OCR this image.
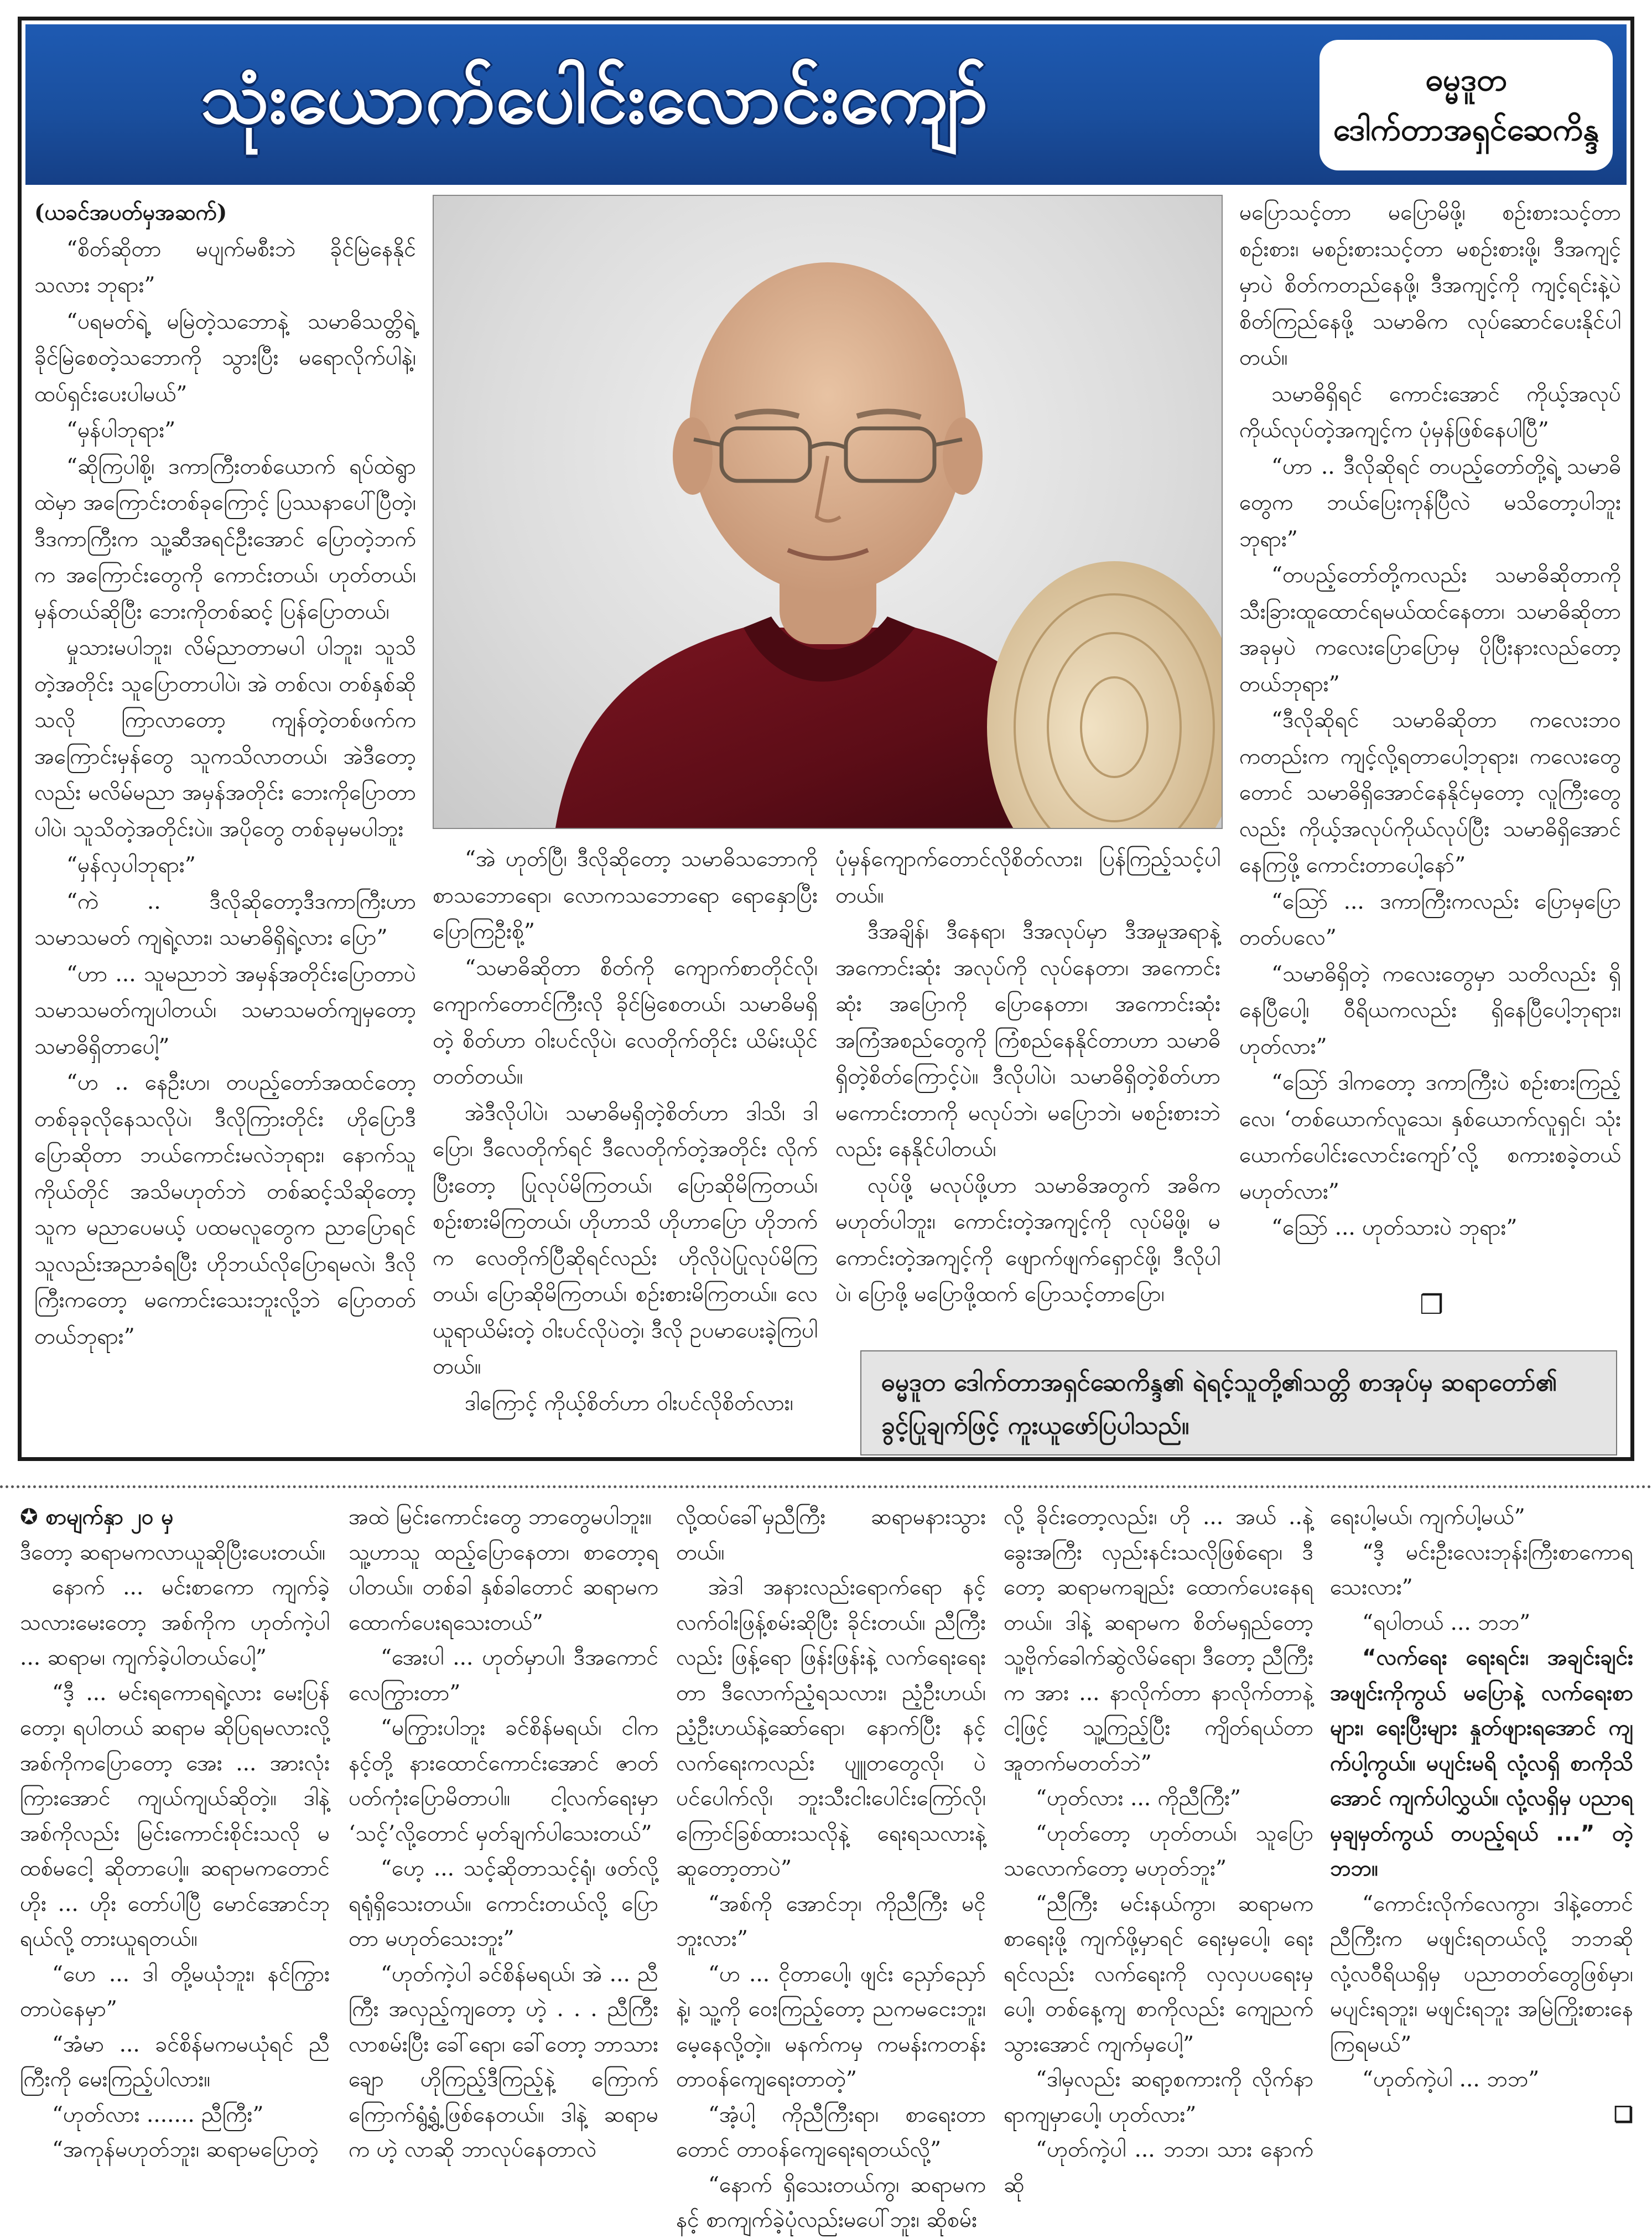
သုံးယောက်ပေါင်းလောင်းကျော်	ဓမ္မဒူတ
ဒေါက်တာအရှင်ဆေကိန္ဒ

(ယခင်အပတ်မှအဆက်)

“စိတ်ဆိုတာ မပျက်မစီးဘဲ ခိုင်မြဲနေနိုင်သလား ဘုရား”

“ပရမတ်ရဲ့ မမြဲတဲ့သဘောနဲ့ သမာဓိသတ္တိရဲ့ ခိုင်မြဲစေတဲ့သဘောကို သွားပြီး မရောလိုက်ပါနဲ့၊ ထပ်ရှင်းပေးပါမယ်”

“မှန်ပါဘုရား”

“ဆိုကြပါစို့၊ ဒကာကြီးတစ်ယောက် ရပ်ထဲရွာထဲမှာ အကြောင်းတစ်ခုကြောင့် ပြဿနာပေါ်ပြီတဲ့၊ ဒီဒကာကြီးက သူ့ဆီအရင်ဦးအောင် ပြောတဲ့ဘက်က အကြောင်းတွေကို ကောင်းတယ်၊ ဟုတ်တယ်၊ မှန်တယ်ဆိုပြီး ဘေးကိုတစ်ဆင့် ပြန်ပြောတယ်၊

မှုသားမပါဘူး၊ လိမ်ညာတာမပါ ပါဘူး၊ သူသိတဲ့အတိုင်း သူပြောတာပါပဲ၊ အဲ တစ်လ၊ တစ်နှစ်ဆိုသလို ကြာလာတော့ ကျန်တဲ့တစ်ဖက်က အကြောင်းမှန်တွေ သူကသိလာတယ်၊ အဲဒီတော့လည်း မလိမ်မညာ အမှန်အတိုင်း ဘေးကိုပြောတာပါပဲ၊ သူသိတဲ့အတိုင်းပဲ။ အပိုတွေ တစ်ခုမှမပါဘူး

“မှန်လှပါဘုရား”

“ကဲ .. ဒီလိုဆိုတော့ဒီဒကာကြီးဟာ သမာသမတ် ကျရဲ့လား၊ သမာဓိရှိရဲ့လား ပြော”

“ဟာ ... သူမညာဘဲ အမှန်အတိုင်းပြောတာပဲ သမာသမတ်ကျပါတယ်၊ သမာသမတ်ကျမှတော့ သမာဓိရှိတာပေါ့”

“ဟ .. နေဦးဟ၊ တပည့်တော်အထင်တော့ တစ်ခုခုလိုနေသလိုပဲ၊ ဒီလိုကြားတိုင်း ဟိုပြောဒီပြောဆိုတာ ဘယ်ကောင်းမလဲဘုရား၊ နောက်သူကိုယ်တိုင် အသိမဟုတ်ဘဲ တစ်ဆင့်သိဆိုတော့ သူက မညာပေမယ့် ပထမလူတွေက ညာပြောရင် သူလည်းအညာခံရပြီး ဟိုဘယ်လိုပြောရမလဲ၊ ဒီလိုကြီးကတော့ မကောင်းသေးဘူးလို့ဘဲ ပြောတတ်တယ်ဘုရား”

“အဲ ဟုတ်ပြီ၊ ဒီလိုဆိုတော့ သမာဓိသဘောကို စာသဘောရော၊ လောကသဘောရော ရောနှောပြီး ပြောကြဦးစို့”

“သမာဓိဆိုတာ စိတ်ကို ကျောက်စာတိုင်လို၊ ကျောက်တောင်ကြီးလို ခိုင်မြဲစေတယ်၊ သမာဓိမရှိတဲ့ စိတ်ဟာ ဝါးပင်လိုပဲ၊ လေတိုက်တိုင်း ယိမ်းယိုင်တတ်တယ်။

အဲဒီလိုပါပဲ၊ သမာဓိမရှိတဲ့စိတ်ဟာ ဒါသိ၊ ဒါပြော၊ ဒီလေတိုက်ရင် ဒီလေတိုက်တဲ့အတိုင်း လိုက်ပြီးတော့ ပြုလုပ်မိကြတယ်၊ ပြောဆိုမိကြတယ်၊ စဉ်းစားမိကြတယ်၊ ဟိုဟာသိ ဟိုဟာပြော ဟိုဘက်က လေတိုက်ပြီဆိုရင်လည်း ဟိုလိုပဲပြုလုပ်မိကြတယ်၊ ပြောဆိုမိကြတယ်၊ စဉ်းစားမိကြတယ်။ လေယူရာယိမ်းတဲ့ ဝါးပင်လိုပဲတဲ့၊ ဒီလို ဥပမာပေးခဲ့ကြပါတယ်။

ဒါကြောင့် ကိုယ့်စိတ်ဟာ ဝါးပင်လိုစိတ်လား၊

ပုံမှန်ကျောက်တောင်လိုစိတ်လား၊ ပြန်ကြည့်သင့်ပါတယ်။

ဒီအချိန်၊ ဒီနေရာ၊ ဒီအလုပ်မှာ ဒီအမှုအရာနဲ့ အကောင်းဆုံး အလုပ်ကို လုပ်နေတာ၊ အကောင်းဆုံး အပြောကို ပြောနေတာ၊ အကောင်းဆုံး အကြံအစည်တွေကို ကြံစည်နေနိုင်တာဟာ သမာဓိရှိတဲ့စိတ်ကြောင့်ပဲ။ ဒီလိုပါပဲ၊ သမာဓိရှိတဲ့စိတ်ဟာ မကောင်းတာကို မလုပ်ဘဲ၊ မပြောဘဲ၊ မစဉ်းစားဘဲလည်း နေနိုင်ပါတယ်၊

လုပ်ဖို့ မလုပ်ဖို့ဟာ သမာဓိအတွက် အဓိကမဟုတ်ပါဘူး၊ ကောင်းတဲ့အကျင့်ကို လုပ်မိဖို့၊ မကောင်းတဲ့အကျင့်ကို ဖျောက်ဖျက်ရှောင်ဖို့၊ ဒီလိုပါပဲ၊ ပြောဖို့ မပြောဖို့ထက် ပြောသင့်တာပြော၊

မပြောသင့်တာ မပြောမိဖို့၊ စဉ်းစားသင့်တာ စဉ်းစား၊ မစဉ်းစားသင့်တာ မစဉ်းစားဖို့၊ ဒီအကျင့်မှာပဲ စိတ်ကတည်နေဖို့၊ ဒီအကျင့်ကို ကျင့်ရင်းနဲ့ပဲ စိတ်ကြည်နေဖို့ သမာဓိက လုပ်ဆောင်ပေးနိုင်ပါတယ်။

သမာဓိရှိရင် ကောင်းအောင် ကိုယ့်အလုပ်ကိုယ်လုပ်တဲ့အကျင့်က ပုံမှန်ဖြစ်နေပါပြီ”

“ဟာ .. ဒီလိုဆိုရင် တပည့်တော်တို့ရဲ့ သမာဓိတွေက ဘယ်ပြေးကုန်ပြီလဲ မသိတော့ပါဘူး ဘုရား”

“တပည့်တော်တို့ကလည်း သမာဓိဆိုတာကို သီးခြားထူထောင်ရမယ်ထင်နေတာ၊ သမာဓိဆိုတာ အခုမှပဲ ကလေးပြောပြောမှ ပိုပြီးနားလည်တော့တယ်ဘုရား”

“ဒီလိုဆိုရင် သမာဓိဆိုတာ ကလေးဘဝကတည်းက ကျင့်လို့ရတာပေါ့ဘုရား၊ ကလေးတွေတောင် သမာဓိရှိအောင်နေနိုင်မှတော့ လူကြီးတွေလည်း ကိုယ့်အလုပ်ကိုယ်လုပ်ပြီး သမာဓိရှိအောင်နေကြဖို့ ကောင်းတာပေါ့နော်”

“သြော် ... ဒကာကြီးကလည်း ပြောမှပြောတတ်ပလေ”

“သမာဓိရှိတဲ့ ကလေးတွေမှာ သတိလည်း ရှိနေပြီပေါ့၊ ဝီရိယကလည်း ရှိနေပြီပေါ့ဘုရား၊ ဟုတ်လား”

“သြော် ဒါကတော့ ဒကာကြီးပဲ စဉ်းစားကြည့်လေ၊ ‘တစ်ယောက်လူသေ၊ နှစ်ယောက်လူရှင်၊ သုံးယောက်ပေါင်းလောင်းကျော်’လို့ စကားစခဲ့တယ် မဟုတ်လား”

“သြော် ... ဟုတ်သားပဲ ဘုရား”

❒
ဓမ္မဒူတ ဒေါက်တာအရှင်ဆေကိန္ဒ၏ ရဲရင့်သူတို့၏သတ္တိ စာအုပ်မှ ဆရာတော်၏ ခွင့်ပြုချက်ဖြင့် ကူးယူဖော်ပြပါသည်။

✪ စာမျက်နှာ ၂၀ မှ

ဒီတော့ ဆရာမကလာယူဆိုပြီးပေးတယ်။

နောက် ... မင်းစာကော ကျက်ခဲ့သလားမေးတော့ အစ်ကိုက ဟုတ်ကဲ့ပါ ... ဆရာမ၊ ကျက်ခဲ့ပါတယ်ပေါ့”

“ဒီ့ ... မင်းရကောရရဲ့လား မေးပြန်တော့၊ ရပါတယ် ဆရာမ ဆိုပြရမလားလို့ အစ်ကိုကပြောတော့ အေး ... အားလုံးကြားအောင် ကျယ်ကျယ်ဆိုတဲ့။ ဒါနဲ့ အစ်ကိုလည်း မြင်းကောင်းစိုင်းသလို မထစ်မငေါ့ ဆိုတာပေါ့။ ဆရာမကတောင် ဟိုး ... ဟိုး တော်ပါပြီ မောင်အောင်ဘုရယ်လို့ တားယူရတယ်။

“ဟေ ... ဒါ တို့မယုံဘူး၊ နင်ကြွားတာပဲနေမှာ”

“အံမာ ... ခင်စိန်မကမယုံရင် ညီကြီးကို မေးကြည့်ပါလား။

“ဟုတ်လား ....... ညီကြီး”

“အကုန်မဟုတ်ဘူး၊ ဆရာမပြောတဲ့

အထဲ မြင်းကောင်းတွေ ဘာတွေမပါဘူး။

သူ့ဟာသူ ထည့်ပြောနေတာ၊ စာတော့ရပါတယ်။ တစ်ခါ နှစ်ခါတောင် ဆရာမကထောက်ပေးရသေးတယ်”

“အေးပါ ... ဟုတ်မှာပါ၊ ဒီအကောင်လေကြွားတာ”

“မကြွားပါဘူး ခင်စိန်မရယ်၊ ငါက နင့်တို့ နားထောင်ကောင်းအောင် ဇာတ်ပတ်ကုံးပြောမိတာပါ။ ငါ့လက်ရေးမှာ ‘သင့်’လို့တောင် မှတ်ချက်ပါသေးတယ်”

“ဟေ့ ... သင့်ဆိုတာသင့်ရုံ၊ ဖတ်လို့ရရုံရှိသေးတယ်။ ကောင်းတယ်လို့ ပြောတာ မဟုတ်သေးဘူး”

“ဟုတ်ကဲ့ပါ ခင်စိန်မရယ်၊ အဲ ... ညီကြီး အလှည့်ကျတော့ ဟဲ့ . . . ညီကြီး လာစမ်းပြီး ခေါ်ရော၊ ခေါ်တော့ ဘာသားချော ဟိုကြည့်ဒီကြည့်နဲ့ ကြောက်ကြောက်ရွံ့ရွံ့ဖြစ်နေတယ်။ ဒါနဲ့ ဆရာမက ဟဲ့ လာဆို ဘာလုပ်နေတာလဲ

လို့ထပ်ခေါ်မှညီကြီး ဆရာမနားသွားတယ်။

အဲဒါ အနားလည်းရောက်ရော နင့်လက်ဝါးဖြန့်စမ်းဆိုပြီး ခိုင်းတယ်။ ညီကြီးလည်း ဖြန့်ရော ဖြန်းဖြန်းနဲ့ လက်ရေးရေးတာ ဒီလောက်ညံ့ရသလား၊ ညံ့ဦးဟယ်၊ ညံ့ဦးဟယ်နဲ့ဆော်ရော၊ နောက်ပြီး နင့်လက်ရေးကလည်း ပျူတတွေလို၊ ပဲပင်ပေါက်လို၊ ဘူးသီးငါးပေါင်းကြော်လို၊ ကြောင်ခြစ်ထားသလိုနဲ့ ရေးရသလားနဲ့ ဆူတော့တာပဲ”

“အစ်ကို အောင်ဘု၊ ကိုညီကြီး မငိုဘူးလား”

“ဟ ... ငိုတာပေါ့၊ ဖျင်း ညှော်ညှော်နဲ့၊ သူ့ကို ဝေးကြည့်တော့ ညကမငေးဘူး၊ မေ့နေလို့တဲ့။ မနက်ကမှ ကမန်းကတန်း တာဝန်ကျေရေးတာတဲ့”

“အံ့ပါ့ ကိုညီကြီးရာ၊ စာရေးတာတောင် တာဝန်ကျေရေးရတယ်လို့”

“နောက် ရှိသေးတယ်ကွ၊ ဆရာမက နင့် စာကျက်ခဲ့ပုံလည်းမပေါ်ဘူး၊ ဆိုစမ်း

လို့ ခိုင်းတော့လည်း၊ ဟို ... အယ် ..နဲ့ ခွေးအကြီး လှည်းနင်းသလိုဖြစ်ရော၊ ဒီတော့ ဆရာမကချည်း ထောက်ပေးနေရတယ်။ ဒါနဲ့ ဆရာမက စိတ်မရှည်တော့ သူ့ဗိုက်ခေါက်ဆွဲလိမ်ရော၊ ဒီတော့ ညီကြီးက အား ... နာလိုက်တာ နာလိုက်တာနဲ့ ငါ့ဖြင့် သူ့ကြည့်ပြီး ကျိတ်ရယ်တာ အူတက်မတတ်ဘဲ”

“ဟုတ်လား ... ကိုညီကြီး”

“ဟုတ်တော့ ဟုတ်တယ်၊ သူပြောသလောက်တော့ မဟုတ်ဘူး”

“ညီကြီး မင်းနယ်ကွာ၊ ဆရာမက စာရေးဖို့ ကျက်ဖို့မှာရင် ရေးမှပေါ့၊ ရေးရင်လည်း လက်ရေးကို လှလှပပရေးမှပေါ့၊ တစ်နေ့ကျ စာကိုလည်း ကျေညက်သွားအောင် ကျက်မှပေါ့”

“ဒါမှလည်း ဆရာ့စကားကို လိုက်နာရာကျမှာပေါ့၊ ဟုတ်လား”

“ဟုတ်ကဲ့ပါ ... ဘဘ၊ သား နောက်ဆို

ရေးပါ့မယ်၊ ကျက်ပါ့မယ်”

“ဒီ့ မင်းဦးလေးဘုန်းကြီးစာကောရသေးလား”

“ရပါတယ် ... ဘဘ”

“လက်ရေး ရေးရင်း၊ အချင်းချင်း အဖျင်းကိုကွယ် မပြောနဲ့ လက်ရေးစာများ၊ ရေးပြီးများ နှုတ်ဖျားရအောင် ကျက်ပါ့ကွယ်။ မပျင်းမရိ လုံ့လရှိ စာကိုသိအောင် ကျက်ပါလွှယ်။ လုံ့လရှိမှ ပညာရ မှချမှတ်ကွယ် တပည့်ရယ် ...” တဲ့ ဘဘ။

“ကောင်းလိုက်လေကွာ၊ ဒါနဲ့တောင် ညီကြီးက မဖျင်းရတယ်လို့ ဘဘဆို လုံ့လဝီရိယရှိမှ ပညာတတ်တွေဖြစ်မှာ၊ မပျင်းရဘူး၊ မဖျင်းရဘူး အမြဲကြိုးစားနေကြရမယ်”

“ဟုတ်ကဲ့ပါ ... ဘဘ”

❏
